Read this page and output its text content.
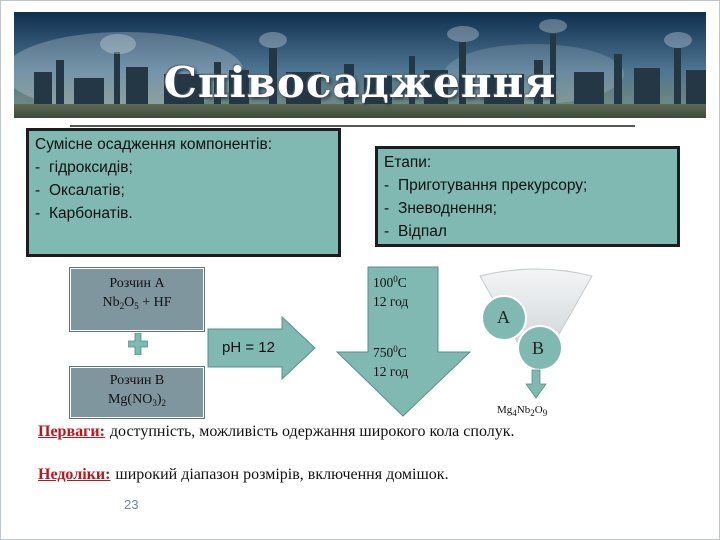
Співосадження
Сумісне осадження компонентів:
- гідроксидів;
- Оксалатів;
- Карбонатів.
Етапи:
- Приготування прекурсору;
- Зневоднення;
- Відпал
Розчин А
$Nb_2O_5$ + HF
Розчин В
$Mg(NO_3)_2$
pH = 12
$100^0C$
12 год
$750^0C$
12 год
A
B
$Mg_4Nb_2O_9$
Перваги: доступність, можливість одержання широкого кола сполук.
Недоліки: широкий діапазон розмірів, включення домішок.
23
